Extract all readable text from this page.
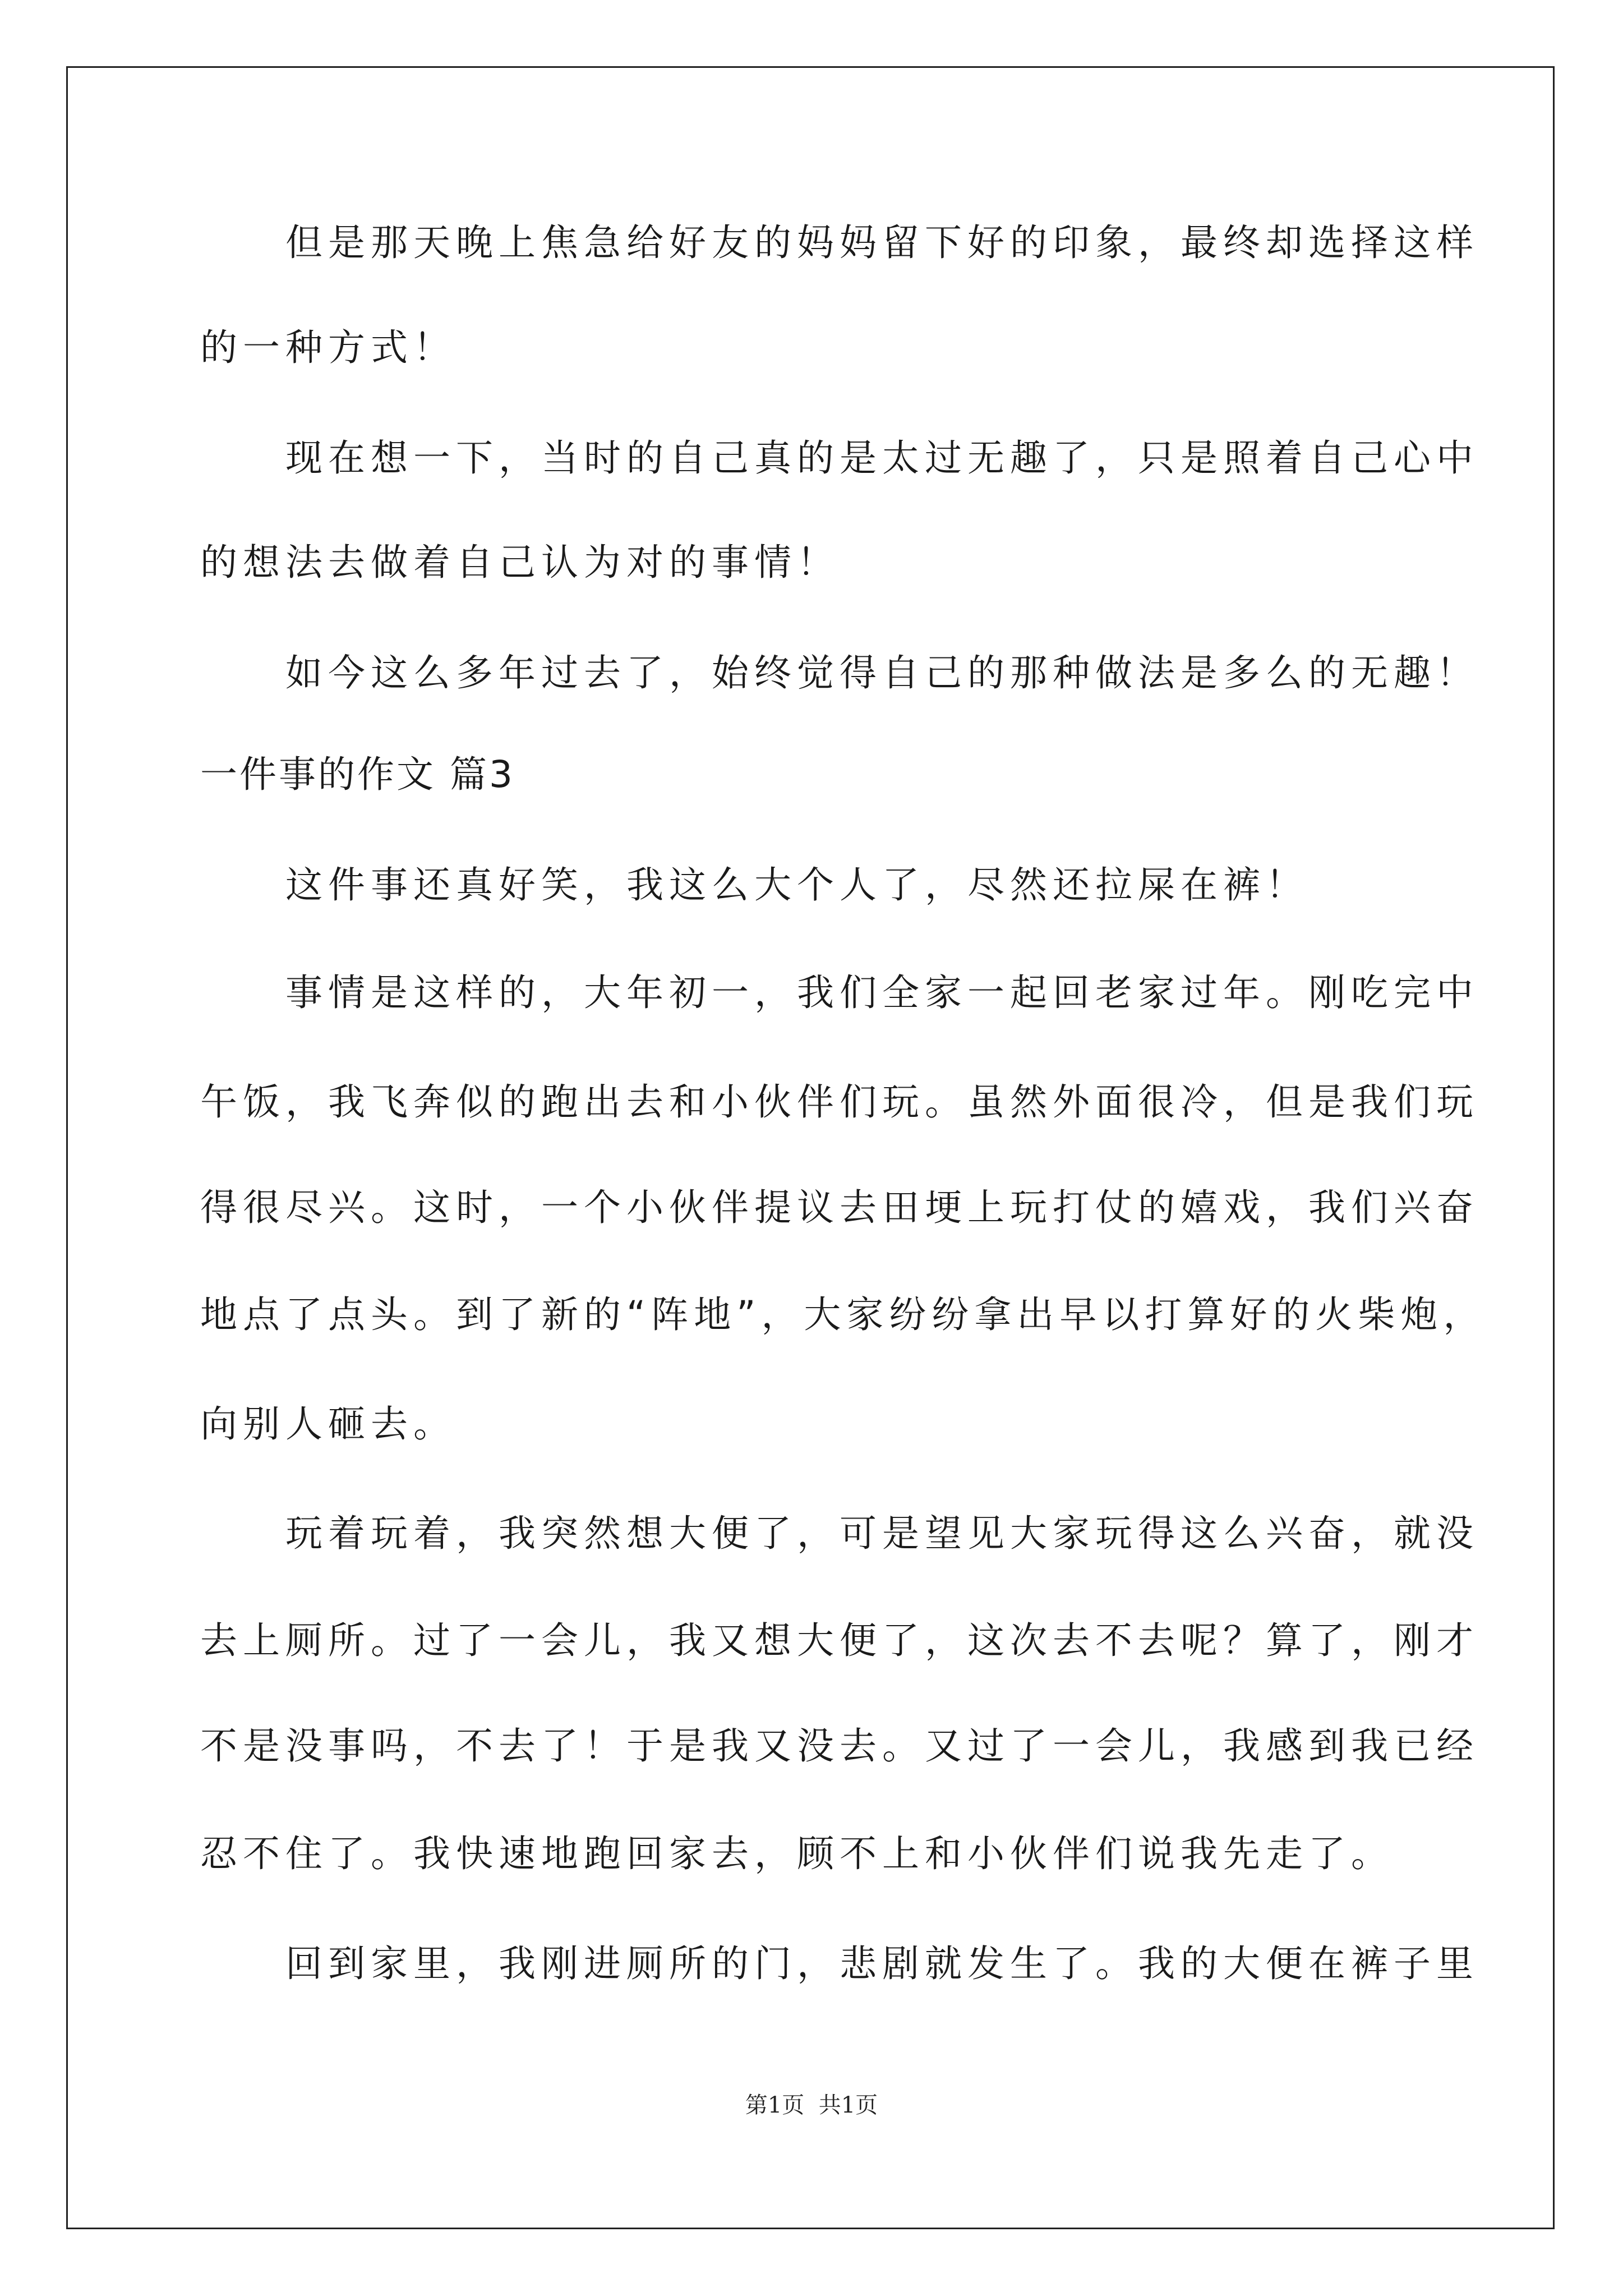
但是那天晚上焦急给好友的妈妈留下好的印象，最终却选择这样
的一种方式！
现在想一下，当时的自己真的是太过无趣了，只是照着自己心中
的想法去做着自己认为对的事情！
如今这么多年过去了，始终觉得自己的那种做法是多么的无趣！
一件事的作文 篇3
这件事还真好笑，我这么大个人了，尽然还拉屎在裤！
事情是这样的，大年初一，我们全家一起回老家过年。刚吃完中
午饭，我飞奔似的跑出去和小伙伴们玩。虽然外面很冷，但是我们玩
得很尽兴。这时，一个小伙伴提议去田埂上玩打仗的嬉戏，我们兴奋
地点了点头。到了新的“阵地”，大家纷纷拿出早以打算好的火柴炮，
向别人砸去。
玩着玩着，我突然想大便了，可是望见大家玩得这么兴奋，就没
去上厕所。过了一会儿，我又想大便了，这次去不去呢？算了，刚才
不是没事吗，不去了！于是我又没去。又过了一会儿，我感到我已经
忍不住了。我快速地跑回家去，顾不上和小伙伴们说我先走了。
回到家里，我刚进厕所的门，悲剧就发生了。我的大便在裤子里
第1页  共1页
